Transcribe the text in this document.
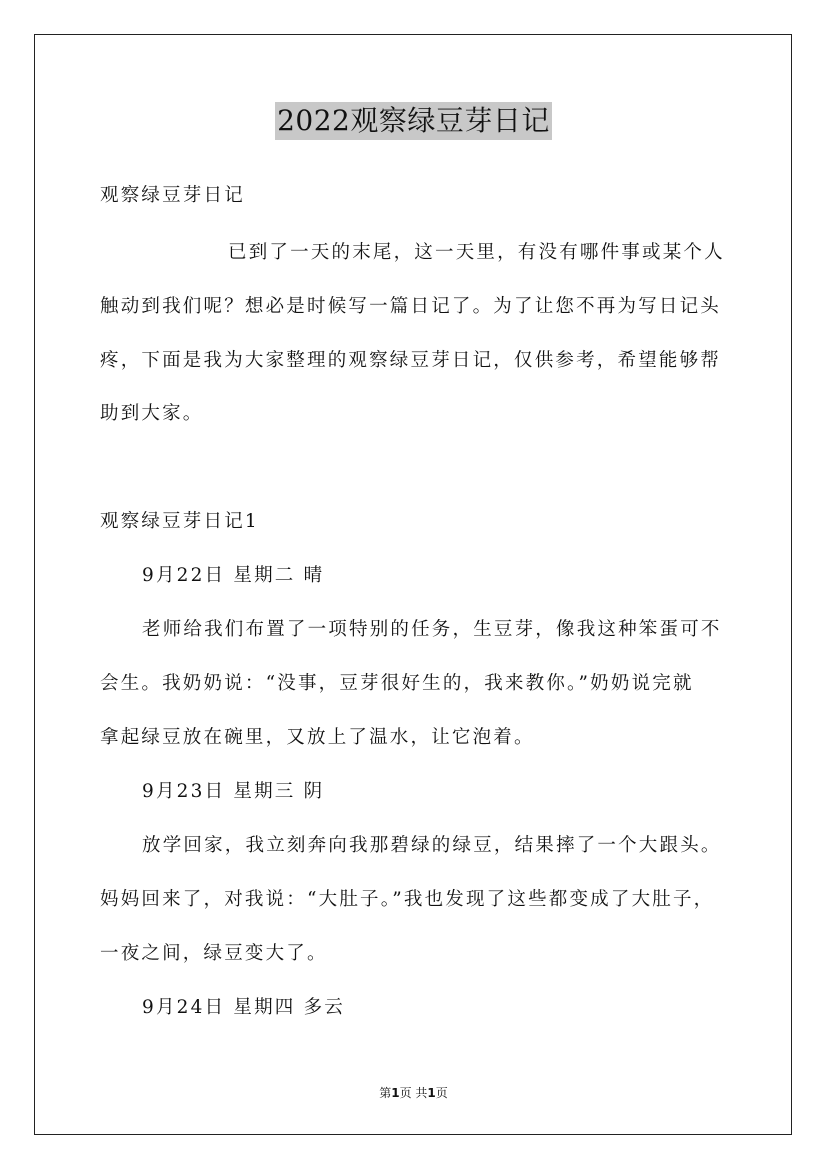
2022观察绿豆芽日记
观察绿豆芽日记
已到了一天的末尾，这一天里，有没有哪件事或某个人
触动到我们呢？想必是时候写一篇日记了。为了让您不再为写日记头
疼，下面是我为大家整理的观察绿豆芽日记，仅供参考，希望能够帮
助到大家。
观察绿豆芽日记1
9月22日 星期二 晴
老师给我们布置了一项特别的任务，生豆芽，像我这种笨蛋可不
会生。我奶奶说：“没事，豆芽很好生的，我来教你。”奶奶说完就
拿起绿豆放在碗里，又放上了温水，让它泡着。
9月23日 星期三 阴
放学回家，我立刻奔向我那碧绿的绿豆，结果摔了一个大跟头。
妈妈回来了，对我说：“大肚子。”我也发现了这些都变成了大肚子，
一夜之间，绿豆变大了。
9月24日 星期四 多云
第1页 共1页
